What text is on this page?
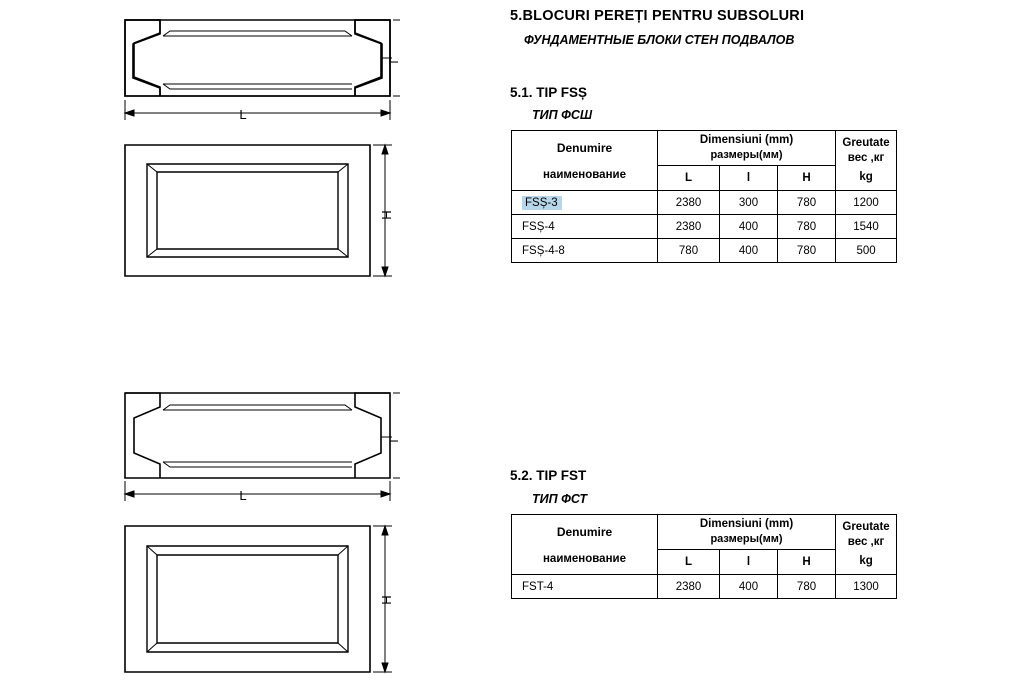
L
l
H
L
l
H
5.BLOCURI PEREȚI PENTRU SUBSOLURI
ФУНДАМЕНТНЫЕ БЛОКИ СТЕН ПОДВАЛОВ
5.1. TIP FSȘ
ТИП ФСШ
Denumire
наименование

Dimensiuni (mm)
размеры(мм)

Greutate
вес ,кг
kg

	L	l	H	
FSȘ-3	2380	300	780	1200
FSȘ-4	2380	400	780	1540
FSȘ-4-8	780	400	780	500
5.2. TIP FST
ТИП ФСТ
Denumire
наименование

Dimensiuni (mm)
размеры(мм)

Greutate
вес ,кг
kg

	L	l	H	
FST-4	2380	400	780	1300
